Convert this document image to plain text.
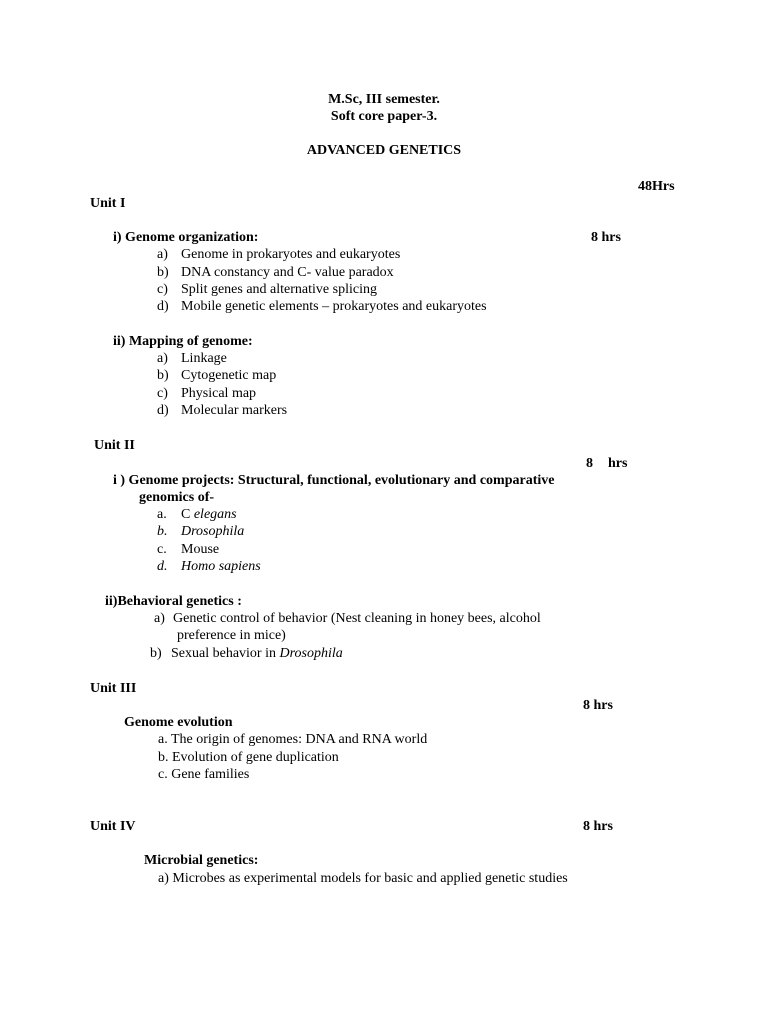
M.Sc, III semester.
Soft core paper-3.
ADVANCED GENETICS
48Hrs
Unit I
i) Genome organization:	8 hrs
a) Genome in prokaryotes and eukaryotes
b) DNA constancy and C- value paradox
c) Split genes and alternative splicing
d) Mobile genetic elements – prokaryotes and eukaryotes
ii) Mapping of genome:
a) Linkage
b) Cytogenetic map
c) Physical map
d) Molecular markers
Unit II
8 hrs
i ) Genome projects: Structural, functional, evolutionary and comparative
genomics of-
a. C elegans
b. Drosophila
c. Mouse
d. Homo sapiens
ii)Behavioral genetics :
a) Genetic control of behavior (Nest cleaning in honey bees, alcohol
preference in mice)
b) Sexual behavior in Drosophila
Unit III
8 hrs
Genome evolution
a. The origin of genomes: DNA and RNA world
b. Evolution of gene duplication
c. Gene families
Unit IV	8 hrs
Microbial genetics:
a) Microbes as experimental models for basic and applied genetic studies
